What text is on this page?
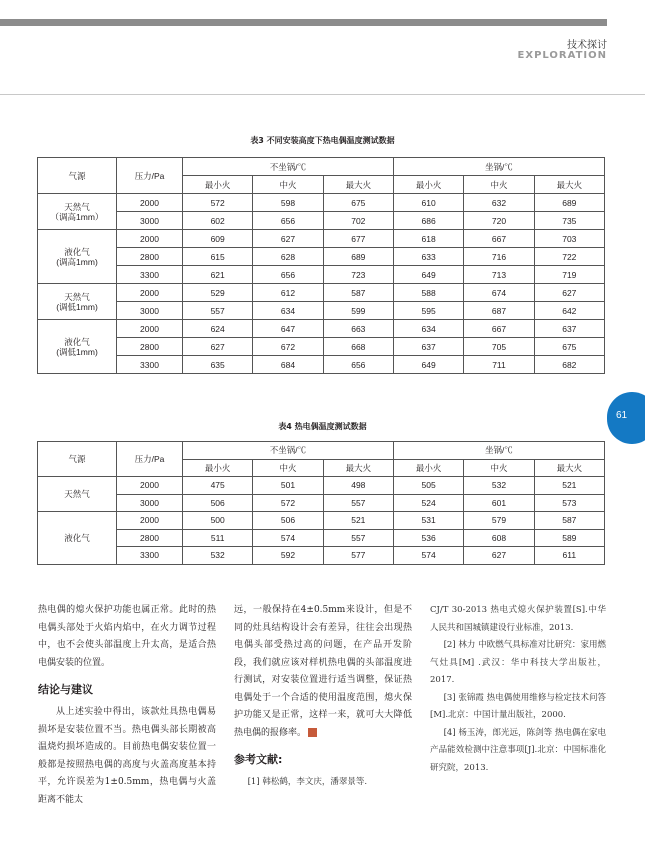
技术探讨
EXPLORATION
表3 不同安装高度下热电偶温度测试数据
气源	压力/Pa	不坐锅/℃			坐锅/℃		
		最小火	中火	最大火	最小火	中火	最大火
天然气
（调高1mm）	2000	572	598	675	610	632	689
	3000	602	656	702	686	720	735
液化气
(调高1mm)	2000	609	627	677	618	667	703
	2800	615	628	689	633	716	722
	3300	621	656	723	649	713	719
天然气
(调低1mm)	2000	529	612	587	588	674	627
	3000	557	634	599	595	687	642
液化气
(调低1mm)	2000	624	647	663	634	667	637
	2800	627	672	668	637	705	675
	3300	635	684	656	649	711	682
表4 热电偶温度测试数据
气源	压力/Pa	不坐锅/℃			坐锅/℃		
		最小火	中火	最大火	最小火	中火	最大火
天然气	2000	475	501	498	505	532	521
	3000	506	572	557	524	601	573
液化气	2000	500	506	521	531	579	587
	2800	511	574	557	536	608	589
	3300	532	592	577	574	627	611
61

热电偶的熄火保护功能也属正常。此时的热电偶头部处于火焰内焰中，在火力调节过程中，也不会使头部温度上升太高，是适合热电偶安装的位置。

结论与建议

从上述实验中得出，该款灶具热电偶易损坏是安装位置不当。热电偶头部长期被高温烧灼损坏造成的。目前热电偶安装位置一般都是按照热电偶的高度与火盖高度基本持平，允许误差为1±0.5mm，热电偶与火盖距离不能太

远，一般保持在4±0.5mm来设计，但是不同的灶具结构设计会有差异，往往会出现热电偶头部受热过高的问题，在产品开发阶段，我们就应该对样机热电偶的头部温度进行测试，对安装位置进行适当调整，保证热电偶处于一个合适的使用温度范围，熄火保护功能又是正常，这样一来，就可大大降低热电偶的报修率。

参考文献:

[1] 韩松鹤，李文庆，潘翠景等.

CJ/T 30-2013 热电式熄火保护装置[S].中华人民共和国城镇建设行业标准，2013.

[2] 林力 中欧燃气具标准对比研究：家用燃气灶具[M] .武汉：华中科技大学出版社，2017.

[3] 张锦霞 热电偶使用维修与检定技术问答[M].北京：中国计量出版社，2000.

[4] 杨玉涛，郎光远，陈剑等 热电偶在家电产品能效检测中注意事项[J].北京：中国标准化研究院，2013.
